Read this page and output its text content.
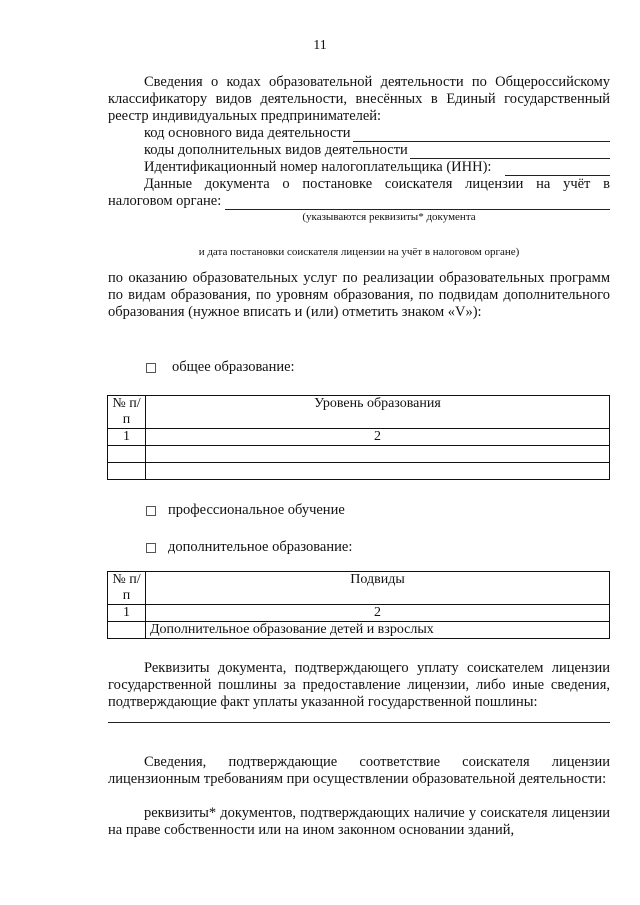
11
Сведения о кодах образовательной деятельности по Общероссийскому классификатору видов деятельности, внесённых в Единый государственный реестр индивидуальных предпринимателей:
код основного вида деятельности
коды дополнительных видов деятельности
Идентификационный номер налогоплательщика (ИНН):
Данные документа о постановке соискателя лицензии на учёт в
налоговом органе:
(указываются реквизиты* документа
и дата постановки соискателя лицензии на учёт в налоговом органе)
по оказанию образовательных услуг по реализации образовательных программ по видам образования, по уровням образования, по подвидам дополнительного образования (нужное вписать и (или) отметить знаком «V»):
общее образование:
№ п/п	Уровень образования
1	2

профессиональное обучение
дополнительное образование:
№ п/п	Подвиды
1	2
	Дополнительное образование детей и взрослых
Реквизиты документа, подтверждающего уплату соискателем лицензии государственной пошлины за предоставление лицензии, либо иные сведения, подтверждающие факт уплаты указанной государственной пошлины:
Сведения, подтверждающие соответствие соискателя лицензии лицензионным требованиям при осуществлении образовательной деятельности:
реквизиты* документов, подтверждающих наличие у соискателя лицензии на праве собственности или на ином законном основании зданий,
